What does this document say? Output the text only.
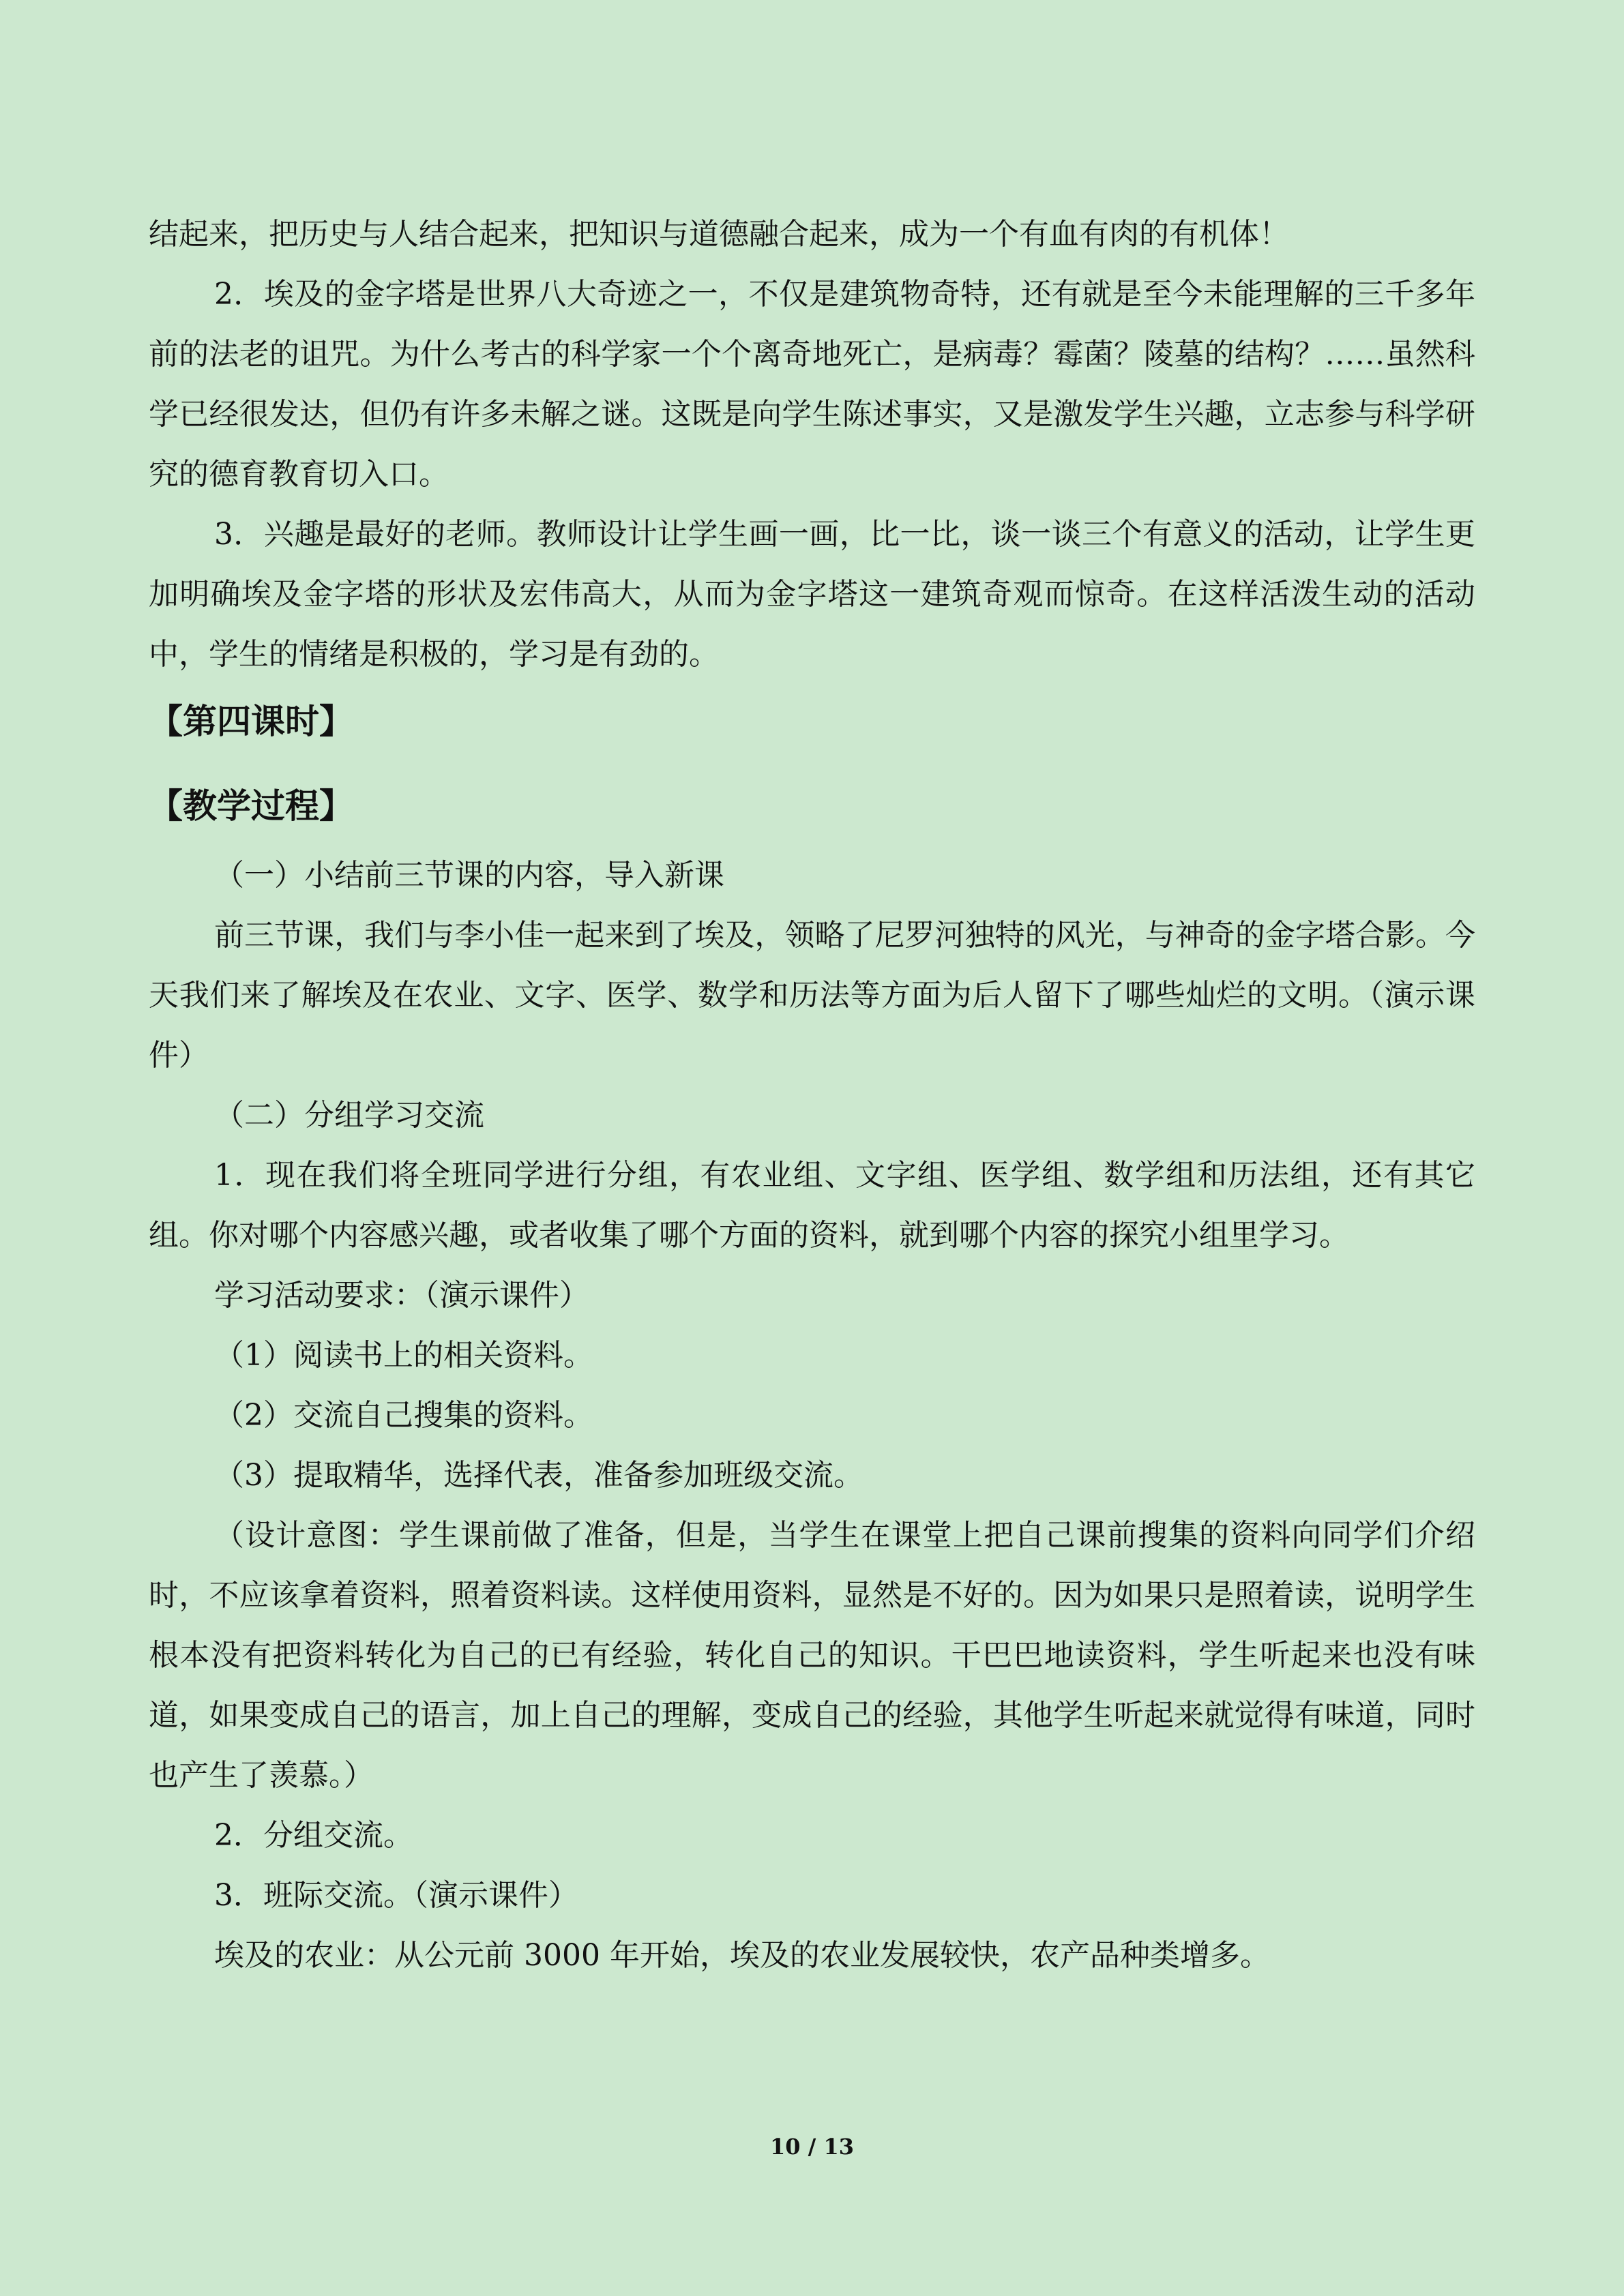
结起来，把历史与人结合起来，把知识与道德融合起来，成为一个有血有肉的有机体！

2．埃及的金字塔是世界八大奇迹之一，不仅是建筑物奇特，还有就是至今未能理解的三千多年前的法老的诅咒。为什么考古的科学家一个个离奇地死亡，是病毒？霉菌？陵墓的结构？……虽然科学已经很发达，但仍有许多未解之谜。这既是向学生陈述事实，又是激发学生兴趣，立志参与科学研究的德育教育切入口。

3．兴趣是最好的老师。教师设计让学生画一画，比一比，谈一谈三个有意义的活动，让学生更加明确埃及金字塔的形状及宏伟高大，从而为金字塔这一建筑奇观而惊奇。在这样活泼生动的活动中，学生的情绪是积极的，学习是有劲的。

【第四课时】
【教学过程】

（一）小结前三节课的内容，导入新课

前三节课，我们与李小佳一起来到了埃及，领略了尼罗河独特的风光，与神奇的金字塔合影。今天我们来了解埃及在农业、文字、医学、数学和历法等方面为后人留下了哪些灿烂的文明。（演示课件）

（二）分组学习交流

1．现在我们将全班同学进行分组，有农业组、文字组、医学组、数学组和历法组，还有其它组。你对哪个内容感兴趣，或者收集了哪个方面的资料，就到哪个内容的探究小组里学习。

学习活动要求：（演示课件）

（1）阅读书上的相关资料。

（2）交流自己搜集的资料。

（3）提取精华，选择代表，准备参加班级交流。

（设计意图：学生课前做了准备，但是，当学生在课堂上把自己课前搜集的资料向同学们介绍时，不应该拿着资料，照着资料读。这样使用资料，显然是不好的。因为如果只是照着读，说明学生根本没有把资料转化为自己的已有经验，转化自己的知识。干巴巴地读资料，学生听起来也没有味道，如果变成自己的语言，加上自己的理解，变成自己的经验，其他学生听起来就觉得有味道，同时也产生了羡慕。）

2．分组交流。

3．班际交流。（演示课件）

埃及的农业：从公元前 3000 年开始，埃及的农业发展较快，农产品种类增多。

10 / 13
